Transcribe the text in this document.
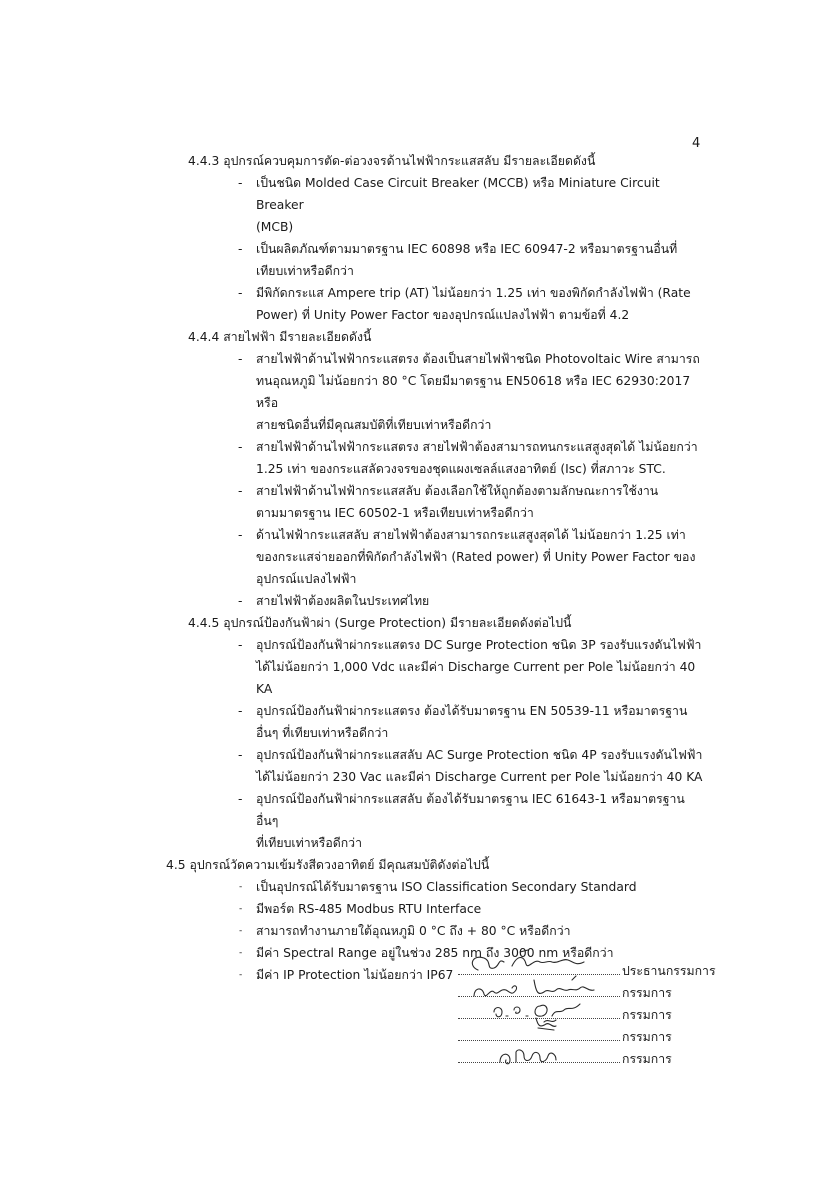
4
4.4.3 อุปกรณ์ควบคุมการตัด-ต่อวงจรด้านไฟฟ้ากระแสสลับ มีรายละเอียดดังนี้
- เป็นชนิด Molded Case Circuit Breaker (MCCB) หรือ Miniature Circuit Breaker
(MCB)
- เป็นผลิตภัณฑ์ตามมาตรฐาน IEC 60898 หรือ IEC 60947-2 หรือมาตรฐานอื่นที่
เทียบเท่าหรือดีกว่า
- มีพิกัดกระแส Ampere trip (AT) ไม่น้อยกว่า 1.25 เท่า ของพิกัดกำลังไฟฟ้า (Rate
Power) ที่ Unity Power Factor ของอุปกรณ์แปลงไฟฟ้า ตามข้อที่ 4.2
4.4.4 สายไฟฟ้า มีรายละเอียดดังนี้
- สายไฟฟ้าด้านไฟฟ้ากระแสตรง ต้องเป็นสายไฟฟ้าชนิด Photovoltaic Wire สามารถ
ทนอุณหภูมิ ไม่น้อยกว่า 80 °C โดยมีมาตรฐาน EN50618 หรือ IEC 62930:2017 หรือ
สายชนิดอื่นที่มีคุณสมบัติที่เทียบเท่าหรือดีกว่า
- สายไฟฟ้าด้านไฟฟ้ากระแสตรง สายไฟฟ้าต้องสามารถทนกระแสสูงสุดได้ ไม่น้อยกว่า
1.25 เท่า ของกระแสลัดวงจรของชุดแผงเซลล์แสงอาทิตย์ (Isc) ที่สภาวะ STC.
- สายไฟฟ้าด้านไฟฟ้ากระแสสลับ ต้องเลือกใช้ให้ถูกต้องตามลักษณะการใช้งาน
ตามมาตรฐาน IEC 60502-1 หรือเทียบเท่าหรือดีกว่า
- ด้านไฟฟ้ากระแสสลับ สายไฟฟ้าต้องสามารถกระแสสูงสุดได้ ไม่น้อยกว่า 1.25 เท่า
ของกระแสจ่ายออกที่พิกัดกำลังไฟฟ้า (Rated power) ที่ Unity Power Factor ของ
อุปกรณ์แปลงไฟฟ้า
- สายไฟฟ้าต้องผลิตในประเทศไทย
4.4.5 อุปกรณ์ป้องกันฟ้าผ่า (Surge Protection) มีรายละเอียดดังต่อไปนี้
- อุปกรณ์ป้องกันฟ้าผ่ากระแสตรง DC Surge Protection ชนิด 3P รองรับแรงดันไฟฟ้า
ได้ไม่น้อยกว่า 1,000 Vdc และมีค่า Discharge Current per Pole ไม่น้อยกว่า 40 KA
- อุปกรณ์ป้องกันฟ้าผ่ากระแสตรง ต้องได้รับมาตรฐาน EN 50539-11 หรือมาตรฐาน
อื่นๆ ที่เทียบเท่าหรือดีกว่า
- อุปกรณ์ป้องกันฟ้าผ่ากระแสสลับ AC Surge Protection ชนิด 4P รองรับแรงดันไฟฟ้า
ได้ไม่น้อยกว่า 230 Vac และมีค่า Discharge Current per Pole ไม่น้อยกว่า 40 KA
- อุปกรณ์ป้องกันฟ้าผ่ากระแสสลับ ต้องได้รับมาตรฐาน IEC 61643-1 หรือมาตรฐานอื่นๆ
ที่เทียบเท่าหรือดีกว่า
4.5 อุปกรณ์วัดความเข้มรังสีดวงอาทิตย์ มีคุณสมบัติดังต่อไปนี้
- เป็นอุปกรณ์ได้รับมาตรฐาน ISO Classification Secondary Standard
- มีพอร์ต RS-485 Modbus RTU Interface
- สามารถทำงานภายใต้อุณหภูมิ 0 °C ถึง + 80 °C หรือดีกว่า
- มีค่า Spectral Range อยู่ในช่วง 285 nm ถึง 3000 nm หรือดีกว่า
- มีค่า IP Protection ไม่น้อยกว่า IP67	ประธานกรรมการ
กรรมการ
กรรมการ
กรรมการ
กรรมการ
